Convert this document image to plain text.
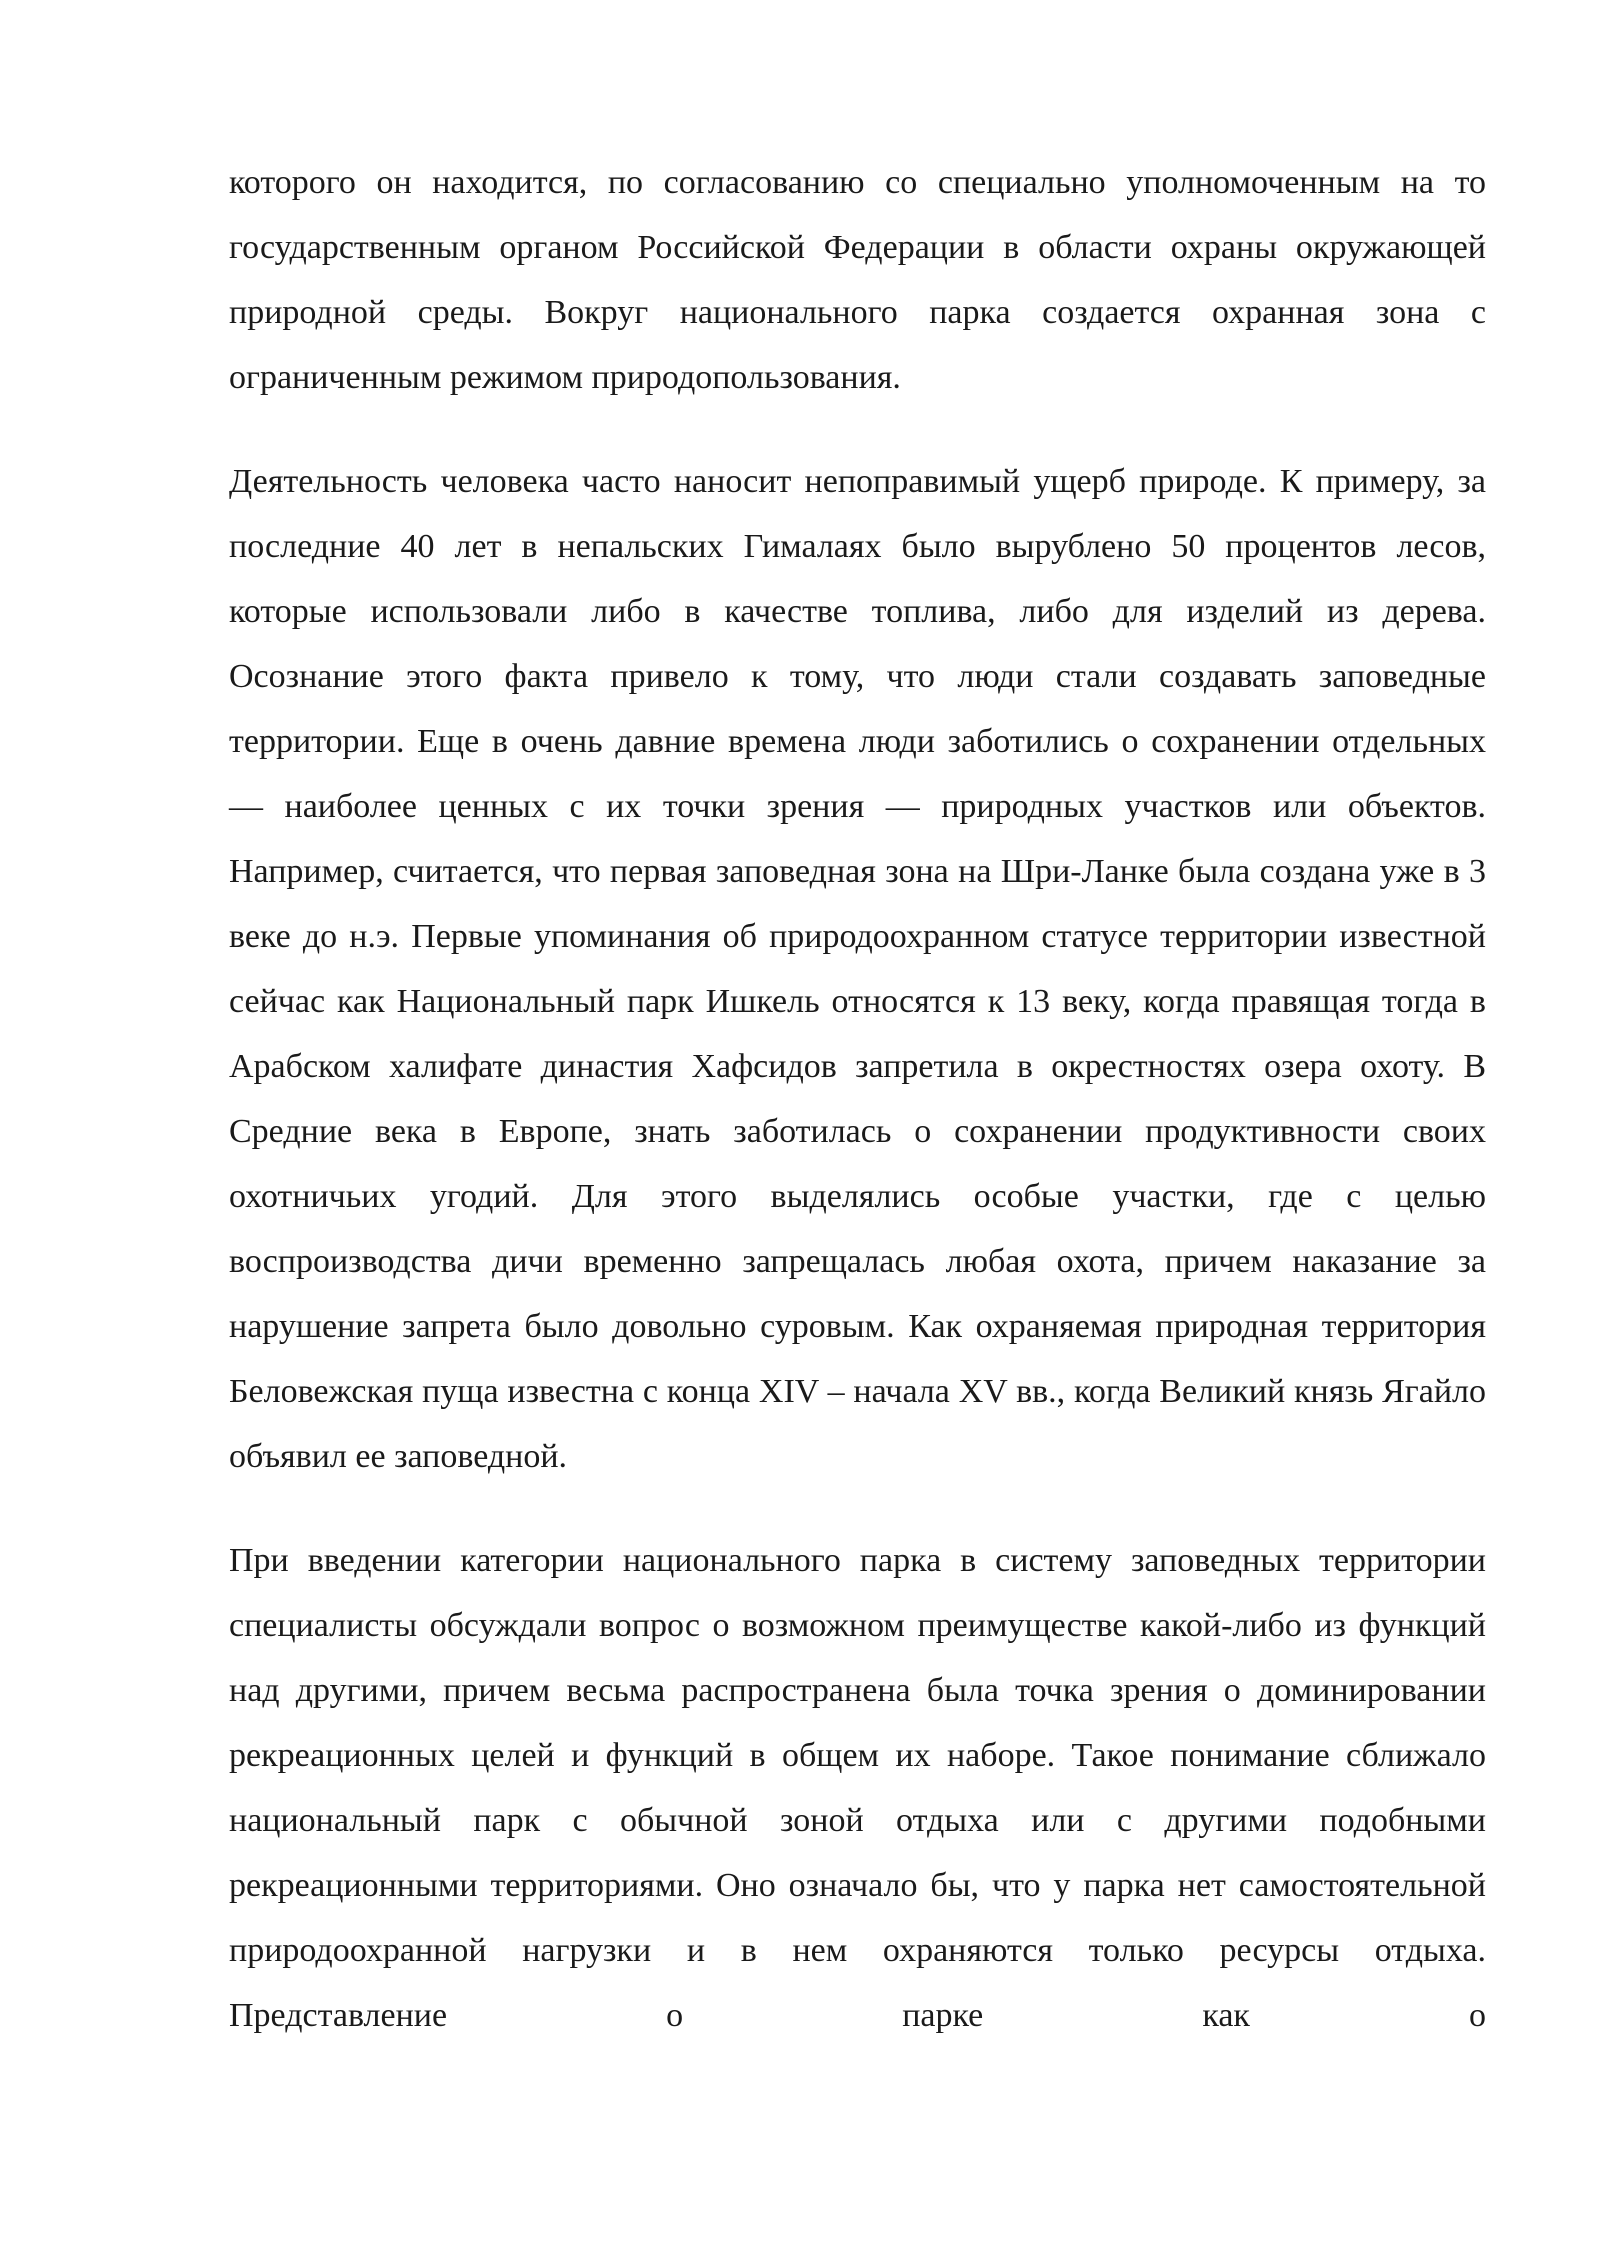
которого он находится, по согласованию со специально уполномоченным на то государственным органом Российской Федерации в области охраны окружающей природной среды. Вокруг национального парка создается охранная зона с ограниченным режимом природопользования.

Деятельность человека часто наносит непоправимый ущерб природе. К примеру, за последние 40 лет в непальских Гималаях было вырублено 50 процентов лесов, которые использовали либо в качестве топлива, либо для изделий из дерева. Осознание этого факта привело к тому, что люди стали создавать заповедные территории. Еще в очень давние времена люди заботились о сохранении отдельных — наиболее ценных с их точки зрения — природных участков или объектов. Например, считается, что первая заповедная зона на Шри-Ланке была создана уже в 3 веке до н.э. Первые упоминания об природоохранном статусе территории известной сейчас как Национальный парк Ишкель относятся к 13 веку, когда правящая тогда в Арабском халифате династия Хафсидов запретила в окрестностях озера охоту. В Средние века в Европе, знать заботилась о сохранении продуктивности своих охотничьих угодий. Для этого выделялись особые участки, где с целью воспроизводства дичи временно запрещалась любая охота, причем наказание за нарушение запрета было довольно суровым. Как охраняемая природная территория Беловежская пуща известна с конца XIV – начала XV вв., когда Великий князь Ягайло объявил ее заповедной.

При введении категории национального парка в систему заповедных территории специалисты обсуждали вопрос о возможном преимуществе какой-либо из функций над другими, причем весьма распространена была точка зрения о доминировании рекреационных целей и функций в общем их наборе. Такое понимание сближало национальный парк с обычной зоной отдыха или с другими подобными рекреационными территориями. Оно означало бы, что у парка нет самостоятельной природоохранной нагрузки и в нем охраняются только ресурсы отдыха. Представление о парке как о
